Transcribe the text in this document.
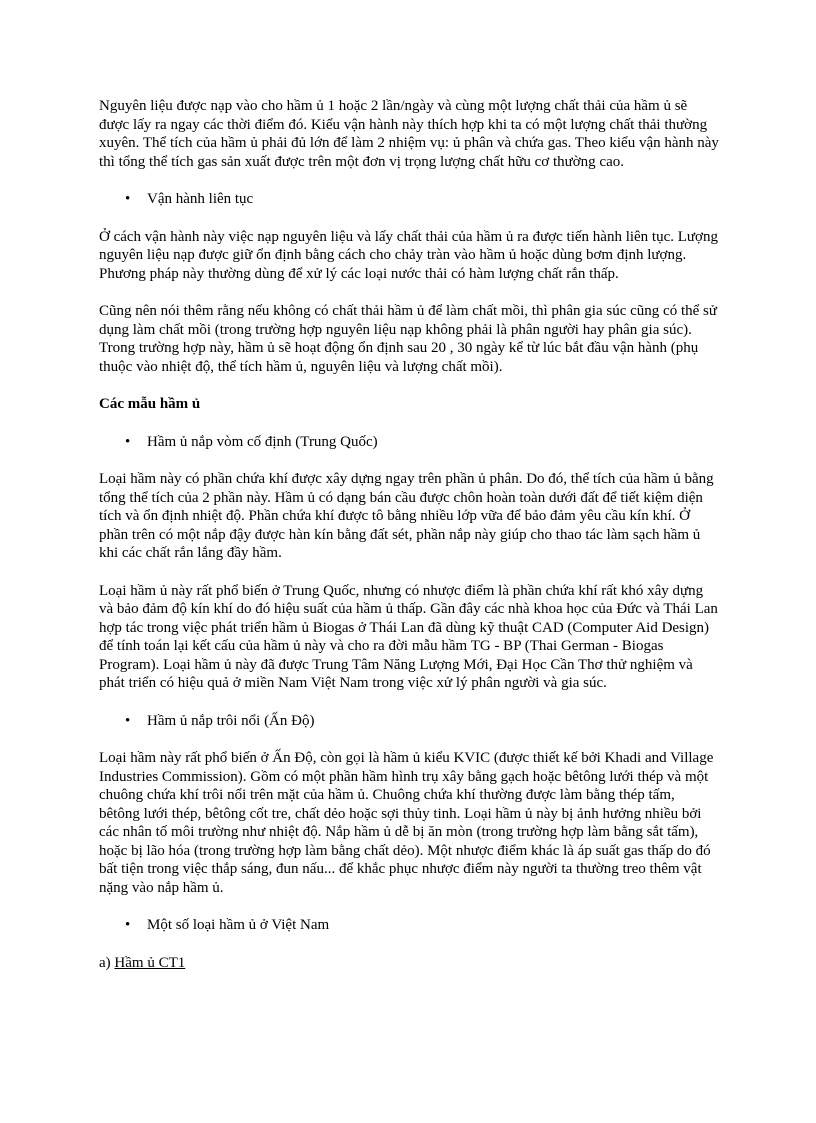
Nguyên liệu được nạp vào cho hầm ủ 1 hoặc 2 lần/ngày và cùng một lượng chất thải của hầm ủ sẽ được lấy ra ngay các thời điểm đó. Kiểu vận hành này thích hợp khi ta có một lượng chất thải thường xuyên. Thể tích của hầm ủ phải đủ lớn để làm 2 nhiệm vụ: ủ phân và chứa gas. Theo kiểu vận hành này thì tổng thể tích gas sản xuất được trên một đơn vị trọng lượng chất hữu cơ thường cao.

• Vận hành liên tục

Ở cách vận hành này việc nạp nguyên liệu và lấy chất thải của hầm ủ ra được tiến hành liên tục. Lượng nguyên liệu nạp được giữ ổn định bằng cách cho chảy tràn vào hầm ủ hoặc dùng bơm định lượng. Phương pháp này thường dùng để xử lý các loại nước thải có hàm lượng chất rắn thấp.

Cũng nên nói thêm rằng nếu không có chất thải hầm ủ để làm chất mồi, thì phân gia súc cũng có thể sử dụng làm chất mồi (trong trường hợp nguyên liệu nạp không phải là phân người hay phân gia súc). Trong trường hợp này, hầm ủ sẽ hoạt động ổn định sau 20 , 30 ngày kể từ lúc bắt đầu vận hành (phụ thuộc vào nhiệt độ, thể tích hầm ủ, nguyên liệu và lượng chất mồi).

Các mẫu hầm ủ
• Hầm ủ nắp vòm cố định (Trung Quốc)

Loại hầm này có phần chứa khí được xây dựng ngay trên phần ủ phân. Do đó, thể tích của hầm ủ bằng tổng thể tích của 2 phần này. Hầm ủ có dạng bán cầu được chôn hoàn toàn dưới đất để tiết kiệm diện tích và ổn định nhiệt độ. Phần chứa khí được tô bằng nhiều lớp vữa để bảo đảm yêu cầu kín khí. Ở phần trên có một nắp đậy được hàn kín bằng đất sét, phần nắp này giúp cho thao tác làm sạch hầm ủ khi các chất rắn lắng đầy hầm.

Loại hầm ủ này rất phổ biến ở Trung Quốc, nhưng có nhược điểm là phần chứa khí rất khó xây dựng và bảo đảm độ kín khí do đó hiệu suất của hầm ủ thấp. Gần đây các nhà khoa học của Đức và Thái Lan hợp tác trong việc phát triển hầm ủ Biogas ở Thái Lan đã dùng kỹ thuật CAD (Computer Aid Design) để tính toán lại kết cấu của hầm ủ này và cho ra đời mẫu hầm TG - BP (Thai German - Biogas Program). Loại hầm ủ này đã được Trung Tâm Năng Lượng Mới, Đại Học Cần Thơ thử nghiệm và phát triển có hiệu quả ở miền Nam Việt Nam trong việc xử lý phân người và gia súc.

• Hầm ủ nắp trôi nổi (Ấn Độ)

Loại hầm này rất phổ biến ở Ấn Độ, còn gọi là hầm ủ kiểu KVIC (được thiết kế bởi Khadi and Village Industries Commission). Gồm có một phần hầm hình trụ xây bằng gạch hoặc bêtông lưới thép và một chuông chứa khí trôi nổi trên mặt của hầm ủ. Chuông chứa khí thường được làm bằng thép tấm, bêtông lưới thép, bêtông cốt tre, chất dẻo hoặc sợi thủy tinh. Loại hầm ủ này bị ảnh hưởng nhiều bởi các nhân tố môi trường như nhiệt độ. Nắp hầm ủ dễ bị ăn mòn (trong trường hợp làm bằng sắt tấm), hoặc bị lão hóa (trong trường hợp làm bằng chất dẻo). Một nhược điểm khác là áp suất gas thấp do đó bất tiện trong việc thắp sáng, đun nấu... để khắc phục nhược điểm này người ta thường treo thêm vật nặng vào nắp hầm ủ.

• Một số loại hầm ủ ở Việt Nam
a) Hầm ủ CT1
